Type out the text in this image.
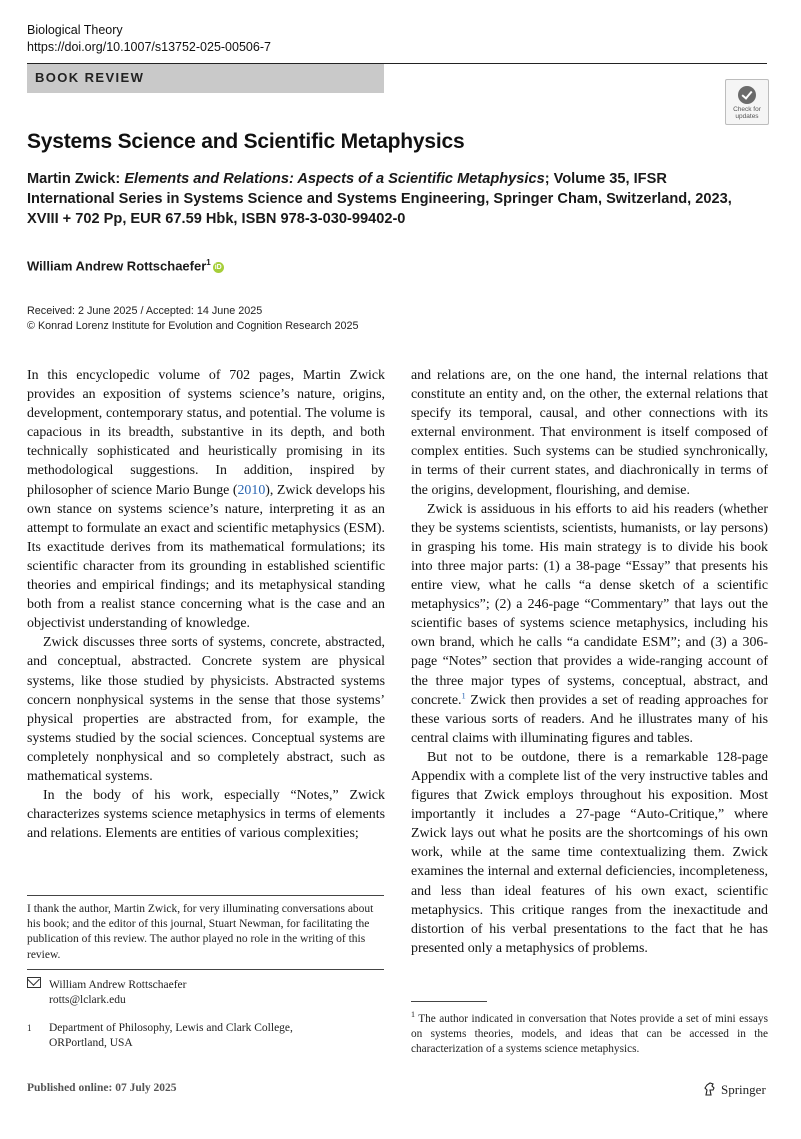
Biological Theory
https://doi.org/10.1007/s13752-025-00506-7
BOOK REVIEW
Check for
updates
Systems Science and Scientific Metaphysics
Martin Zwick: Elements and Relations: Aspects of a Scientific Metaphysics; Volume 35, IFSR International Series in Systems Science and Systems Engineering, Springer Cham, Switzerland, 2023, XVIII + 702 Pp, EUR 67.59 Hbk, ISBN 978-3-030-99402-0
William Andrew Rottschaefer$^1$iD
Received: 2 June 2025 / Accepted: 14 June 2025
© Konrad Lorenz Institute for Evolution and Cognition Research 2025

In this encyclopedic volume of 702 pages, Martin Zwick provides an exposition of systems science’s nature, origins, development, contemporary status, and potential. The volume is capacious in its breadth, substantive in its depth, and both technically sophisticated and heuristically promising in its methodological suggestions. In addition, inspired by philosopher of science Mario Bunge (2010), Zwick develops his own stance on systems science’s nature, interpreting it as an attempt to formulate an exact and scientific metaphysics (ESM). Its exactitude derives from its mathematical formulations; its scientific character from its grounding in established scientific theories and empirical findings; and its metaphysical standing both from a realist stance concerning what is the case and an objectivist understanding of knowledge.

Zwick discusses three sorts of systems, concrete, abstracted, and conceptual, abstracted. Concrete system are physical systems, like those studied by physicists. Abstracted systems concern nonphysical systems in the sense that those systems’ physical properties are abstracted from, for example, the systems studied by the social sciences. Conceptual systems are completely nonphysical and so completely abstract, such as mathematical systems.

In the body of his work, especially “Notes,” Zwick characterizes systems science metaphysics in terms of elements and relations. Elements are entities of various complexities;

and relations are, on the one hand, the internal relations that constitute an entity and, on the other, the external relations that specify its temporal, causal, and other connections with its external environment. That environment is itself composed of complex entities. Such systems can be studied synchronically, in terms of their current states, and diachronically in terms of the origins, development, flourishing, and demise.

Zwick is assiduous in his efforts to aid his readers (whether they be systems scientists, scientists, humanists, or lay persons) in grasping his tome. His main strategy is to divide his book into three major parts: (1) a 38-page “Essay” that presents his entire view, what he calls “a dense sketch of a scientific metaphysics”; (2) a 246-page “Commentary” that lays out the scientific bases of systems science metaphysics, including his own brand, which he calls “a candidate ESM”; and (3) a 306-page “Notes” section that provides a wide-ranging account of the three major types of systems, conceptual, abstract, and concrete.$^1$ Zwick then provides a set of reading approaches for these various sorts of readers. And he illustrates many of his central claims with illuminating figures and tables.

But not to be outdone, there is a remarkable 128-page Appendix with a complete list of the very instructive tables and figures that Zwick employs throughout his exposition. Most importantly it includes a 27-page “Auto-Critique,” where Zwick lays out what he posits are the shortcomings of his own work, while at the same time contextualizing them. Zwick examines the internal and external deficiencies, incompleteness, and less than ideal features of his own exact, scientific metaphysics. This critique ranges from the inexactitude and distortion of his verbal presentations to the fact that he has presented only a metaphysics of problems.

I thank the author, Martin Zwick, for very illuminating conversations about his book; and the editor of this journal, Stuart Newman, for facilitating the publication of this review. The author played no role in the writing of this review.
William Andrew Rottschaefer
rotts@lclark.edu
1	Department of Philosophy, Lewis and Clark College,
ORPortland, USA
$^1$ The author indicated in conversation that Notes provide a set of mini essays on systems theories, models, and ideas that can be accessed in the characterization of a systems science metaphysics.
Published online: 07 July 2025	Springer
